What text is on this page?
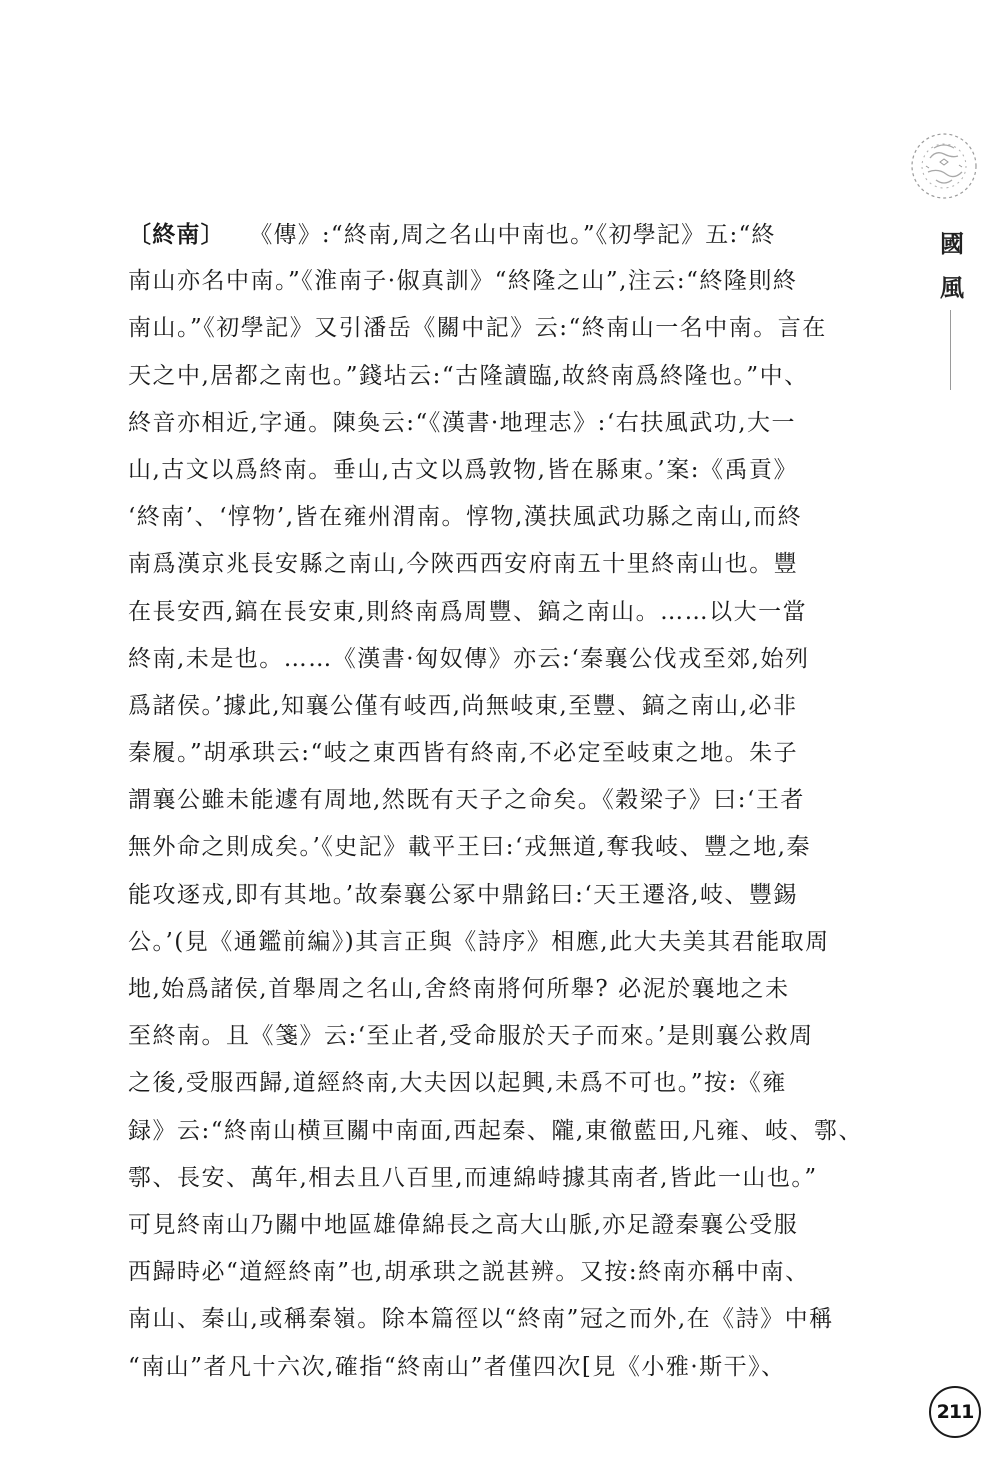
國風
〔終南〕 《傳》:“終南,周之名山中南也。”《初學記》五:“終
南山亦名中南。”《淮南子·俶真訓》“終隆之山”,注云:“終隆則終
南山。”《初學記》又引潘岳《關中記》云:“終南山一名中南。言在
天之中,居都之南也。”錢坫云:“古隆讀臨,故終南爲終隆也。”中、
終音亦相近,字通。陳奐云:“《漢書·地理志》:‘右扶風武功,大一
山,古文以爲終南。垂山,古文以爲敦物,皆在縣東。’案:《禹貢》
‘終南’、‘惇物’,皆在雍州渭南。惇物,漢扶風武功縣之南山,而終
南爲漢京兆長安縣之南山,今陜西西安府南五十里終南山也。豐
在長安西,鎬在長安東,則終南爲周豐、鎬之南山。……以大一當
終南,未是也。……《漢書·匈奴傳》亦云:‘秦襄公伐戎至郊,始列
爲諸侯。’據此,知襄公僅有岐西,尚無岐東,至豐、鎬之南山,必非
秦履。”胡承珙云:“岐之東西皆有終南,不必定至岐東之地。朱子
謂襄公雖未能遽有周地,然既有天子之命矣。《穀梁子》曰:‘王者
無外命之則成矣。’《史記》載平王曰:‘戎無道,奪我岐、豐之地,秦
能攻逐戎,即有其地。’故秦襄公冢中鼎銘曰:‘天王遷洛,岐、豐錫
公。’(見《通鑑前編》)其言正與《詩序》相應,此大夫美其君能取周
地,始爲諸侯,首舉周之名山,舍終南將何所舉? 必泥於襄地之未
至終南。且《箋》云:‘至止者,受命服於天子而來。’是則襄公救周
之後,受服西歸,道經終南,大夫因以起興,未爲不可也。”按:《雍
録》云:“終南山横亘關中南面,西起秦、隴,東徹藍田,凡雍、岐、鄠、
鄠、長安、萬年,相去且八百里,而連綿峙據其南者,皆此一山也。”
可見終南山乃關中地區雄偉綿長之高大山脈,亦足證秦襄公受服
西歸時必“道經終南”也,胡承珙之説甚辨。又按:終南亦稱中南、
南山、秦山,或稱秦嶺。除本篇徑以“終南”冠之而外,在《詩》中稱
“南山”者凡十六次,確指“終南山”者僅四次[見《小雅·斯干》、
211
